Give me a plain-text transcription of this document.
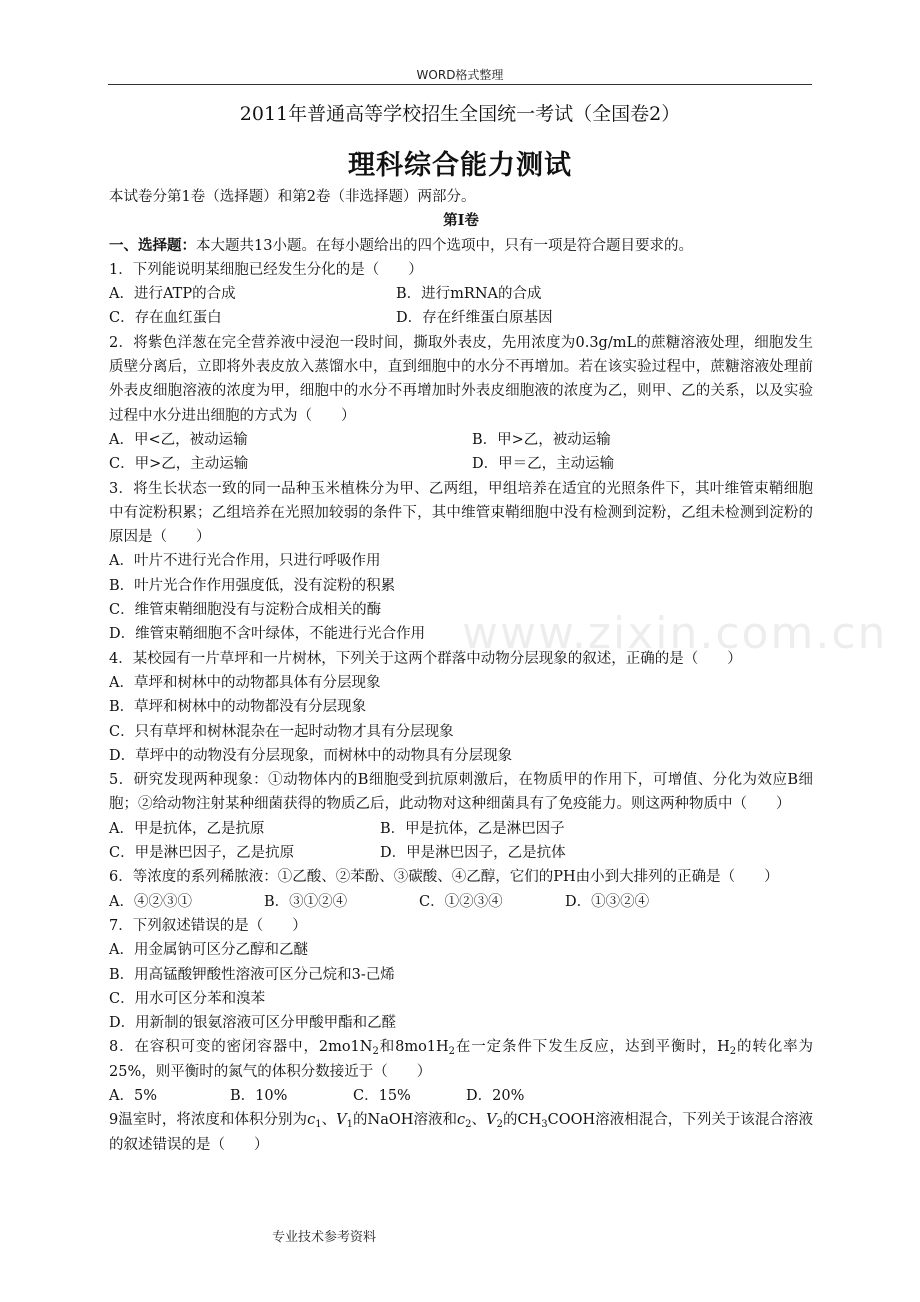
WORD格式整理
2011年普通高等学校招生全国统一考试（全国卷2）
理科综合能力测试
www.zixin.com.cn

本试卷分第1卷（选择题）和第2卷（非选择题）两部分。

第I卷

一、选择题：本大题共13小题。在每小题给出的四个选项中，只有一项是符合题目要求的。

1．下列能说明某细胞已经发生分化的是（　　）

A．进行ATP的合成	B．进行mRNA的合成
C．存在血红蛋白	D．存在纤维蛋白原基因

2．将紫色洋葱在完全营养液中浸泡一段时间，撕取外表皮，先用浓度为0.3g/mL的蔗糖溶液处理，细胞发生质壁分离后，立即将外表皮放入蒸馏水中，直到细胞中的水分不再增加。若在该实验过程中，蔗糖溶液处理前外表皮细胞溶液的浓度为甲，细胞中的水分不再增加时外表皮细胞液的浓度为乙，则甲、乙的关系，以及实验过程中水分进出细胞的方式为（　　）

A．甲<乙，被动运输	B．甲>乙，被动运输
C．甲>乙，主动运输	D．甲＝乙，主动运输

3．将生长状态一致的同一品种玉米植株分为甲、乙两组，甲组培养在适宜的光照条件下，其叶维管束鞘细胞中有淀粉积累；乙组培养在光照加较弱的条件下，其中维管束鞘细胞中没有检测到淀粉，乙组未检测到淀粉的原因是（　　）

A．叶片不进行光合作用，只进行呼吸作用

B．叶片光合作作用强度低，没有淀粉的积累

C．维管束鞘细胞没有与淀粉合成相关的酶

D．维管束鞘细胞不含叶绿体，不能进行光合作用

4．某校园有一片草坪和一片树林，下列关于这两个群落中动物分层现象的叙述，正确的是（　　）

A．草坪和树林中的动物都具体有分层现象

B．草坪和树林中的动物都没有分层现象

C．只有草坪和树林混杂在一起时动物才具有分层现象

D．草坪中的动物没有分层现象，而树林中的动物具有分层现象

5．研究发现两种现象：①动物体内的B细胞受到抗原刺激后，在物质甲的作用下，可增值、分化为效应B细胞；②给动物注射某种细菌获得的物质乙后，此动物对这种细菌具有了免疫能力。则这两种物质中（　　）

A．甲是抗体，乙是抗原	B．甲是抗体，乙是淋巴因子
C．甲是淋巴因子，乙是抗原	D．甲是淋巴因子，乙是抗体

6．等浓度的系列稀脓液：①乙酸、②苯酚、③碳酸、④乙醇，它们的PH由小到大排列的正确是（　　）

A．④②③①	B．③①②④	C．①②③④	D．①③②④

7．下列叙述错误的是（　　）

A．用金属钠可区分乙醇和乙醚

B．用高锰酸钾酸性溶液可区分己烷和3-己烯

C．用水可区分苯和溴苯

D．用新制的银氨溶液可区分甲酸甲酯和乙醛

8．在容积可变的密闭容器中，$2mo1N_2$和$8mo1H_2$在一定条件下发生反应，达到平衡时，$H_2$的转化率为25%，则平衡时的氮气的体积分数接近于（　　）

A．5%	B．10%	C．15%	D．20%

9温室时，将浓度和体积分别为$c_1$、$V_1$的NaOH溶液和$c_2$、$V_2$的$CH_3COOH$溶液相混合，下列关于该混合溶液的叙述错误的是（　　）

专业技术参考资料
